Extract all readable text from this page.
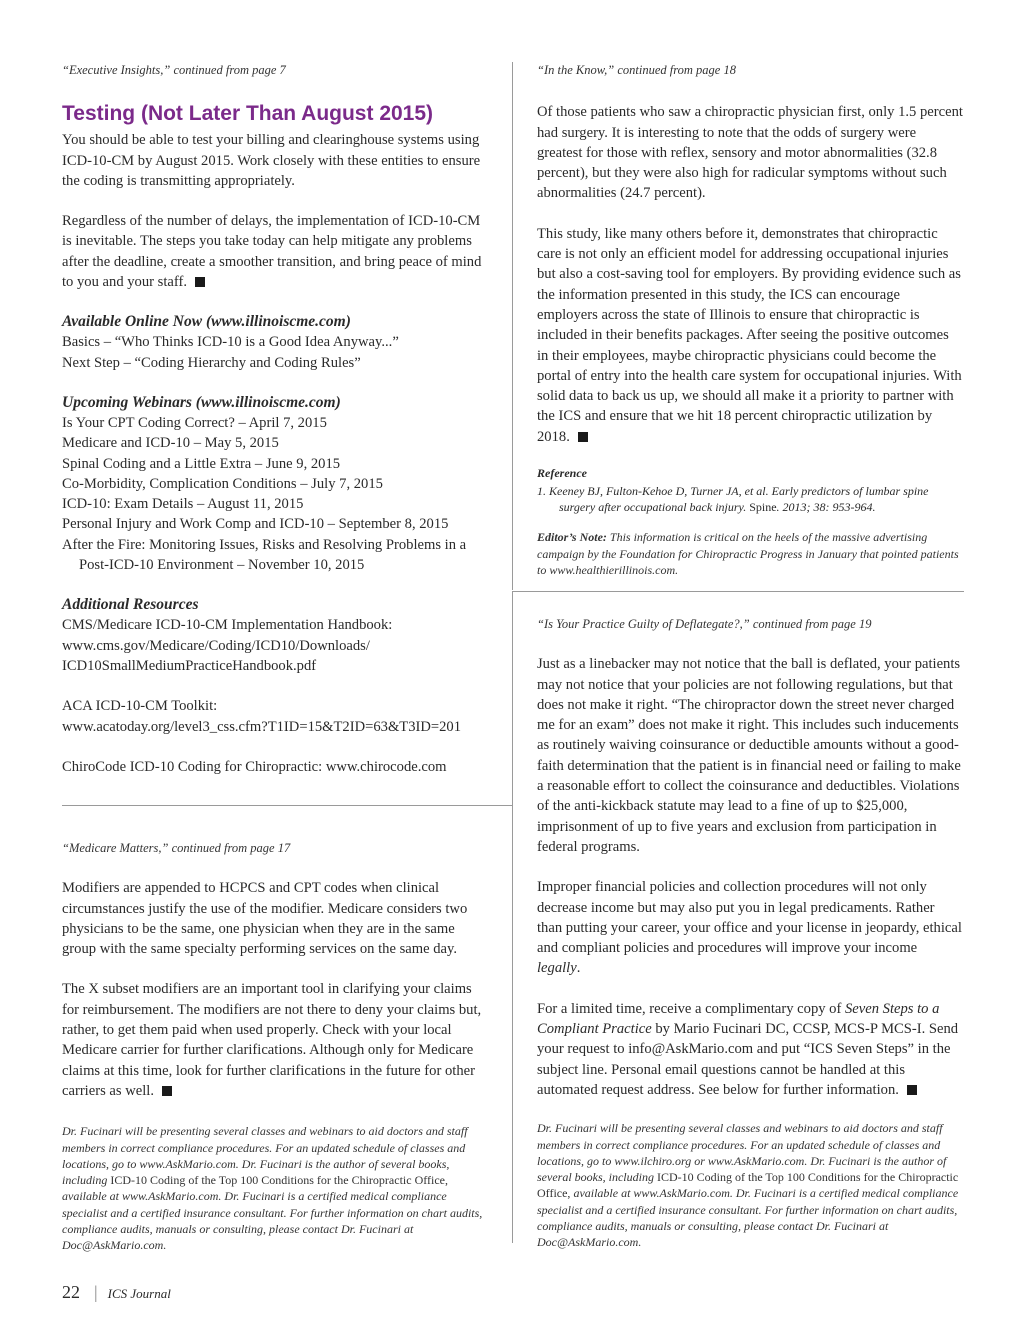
“Executive Insights,” continued from page 7

Testing (Not Later Than August 2015)

You should be able to test your billing and clearinghouse systems using ICD-10-CM by August 2015. Work closely with these entities to ensure the coding is transmitting appropriately.

Regardless of the number of delays, the implementation of ICD-10-CM is inevitable. The steps you take today can help mitigate any problems after the deadline, create a smoother transition, and bring peace of mind to you and your staff.

Available Online Now (www.illinoiscme.com)
Basics – “Who Thinks ICD-10 is a Good Idea Anyway...”
Next Step – “Coding Hierarchy and Coding Rules”
Upcoming Webinars (www.illinoiscme.com)
Is Your CPT Coding Correct? – April 7, 2015
Medicare and ICD-10 – May 5, 2015
Spinal Coding and a Little Extra – June 9, 2015
Co-Morbidity, Complication Conditions – July 7, 2015
ICD-10: Exam Details – August 11, 2015
Personal Injury and Work Comp and ICD-10 – September 8, 2015
After the Fire: Monitoring Issues, Risks and Resolving Problems in a Post-ICD-10 Environment – November 10, 2015
Additional Resources
CMS/Medicare ICD-10-CM Implementation Handbook:
www.cms.gov/Medicare/Coding/ICD10/Downloads/
ICD10SmallMediumPracticeHandbook.pdf
ACA ICD-10-CM Toolkit:
www.acatoday.org/level3_css.cfm?T1ID=15&T2ID=63&T3ID=201
ChiroCode ICD-10 Coding for Chiropractic: www.chirocode.com

“Medicare Matters,” continued from page 17

Modifiers are appended to HCPCS and CPT codes when clinical circumstances justify the use of the modifier. Medicare considers two physicians to be the same, one physician when they are in the same group with the same specialty performing services on the same day.

The X subset modifiers are an important tool in clarifying your claims for reimbursement. The modifiers are not there to deny your claims but, rather, to get them paid when used properly. Check with your local Medicare carrier for further clarifications. Although only for Medicare claims at this time, look for further clarifications in the future for other carriers as well.

Dr. Fucinari will be presenting several classes and webinars to aid doctors and staff members in correct compliance procedures. For an updated schedule of classes and locations, go to www.AskMario.com. Dr. Fucinari is the author of several books, including ICD-10 Coding of the Top 100 Conditions for the Chiropractic Office, available at www.AskMario.com. Dr. Fucinari is a certified medical compliance specialist and a certified insurance consultant. For further information on chart audits, compliance audits, manuals or consulting, please contact Dr. Fucinari at Doc@AskMario.com.

“In the Know,” continued from page 18

Of those patients who saw a chiropractic physician first, only 1.5 percent had surgery. It is interesting to note that the odds of surgery were greatest for those with reflex, sensory and motor abnormalities (32.8 percent), but they were also high for radicular symptoms without such abnormalities (24.7 percent).

This study, like many others before it, demonstrates that chiropractic care is not only an efficient model for addressing occupational injuries but also a cost-saving tool for employers. By providing evidence such as the information presented in this study, the ICS can encourage employers across the state of Illinois to ensure that chiropractic is included in their benefits packages. After seeing the positive outcomes in their employees, maybe chiropractic physicians could become the portal of entry into the health care system for occupational injuries. With solid data to back us up, we should all make it a priority to partner with the ICS and ensure that we hit 18 percent chiropractic utilization by 2018.

Reference

1. Keeney BJ, Fulton-Kehoe D, Turner JA, et al. Early predictors of lumbar spine surgery after occupational back injury. Spine. 2013; 38: 953-964.

Editor’s Note: This information is critical on the heels of the massive advertising campaign by the Foundation for Chiropractic Progress in January that pointed patients to www.healthierillinois.com.

“Is Your Practice Guilty of Deflategate?,” continued from page 19

Just as a linebacker may not notice that the ball is deflated, your patients may not notice that your policies are not following regulations, but that does not make it right. “The chiropractor down the street never charged me for an exam” does not make it right. This includes such inducements as routinely waiving coinsurance or deductible amounts without a good-faith determination that the patient is in financial need or failing to make a reasonable effort to collect the coinsurance and deductibles. Violations of the anti-kickback statute may lead to a fine of up to $25,000, imprisonment of up to five years and exclusion from participation in federal programs.

Improper financial policies and collection procedures will not only decrease income but may also put you in legal predicaments. Rather than putting your career, your office and your license in jeopardy, ethical and compliant policies and procedures will improve your income legally.

For a limited time, receive a complimentary copy of Seven Steps to a Compliant Practice by Mario Fucinari DC, CCSP, MCS-P MCS-I. Send your request to info@AskMario.com and put “ICS Seven Steps” in the subject line. Personal email questions cannot be handled at this automated request address. See below for further information.

Dr. Fucinari will be presenting several classes and webinars to aid doctors and staff members in correct compliance procedures. For an updated schedule of classes and locations, go to www.ilchiro.org or www.AskMario.com. Dr. Fucinari is the author of several books, including ICD-10 Coding of the Top 100 Conditions for the Chiropractic Office, available at www.AskMario.com. Dr. Fucinari is a certified medical compliance specialist and a certified insurance consultant. For further information on chart audits, compliance audits, manuals or consulting, please contact Dr. Fucinari at Doc@AskMario.com.

22 | ICS Journal
